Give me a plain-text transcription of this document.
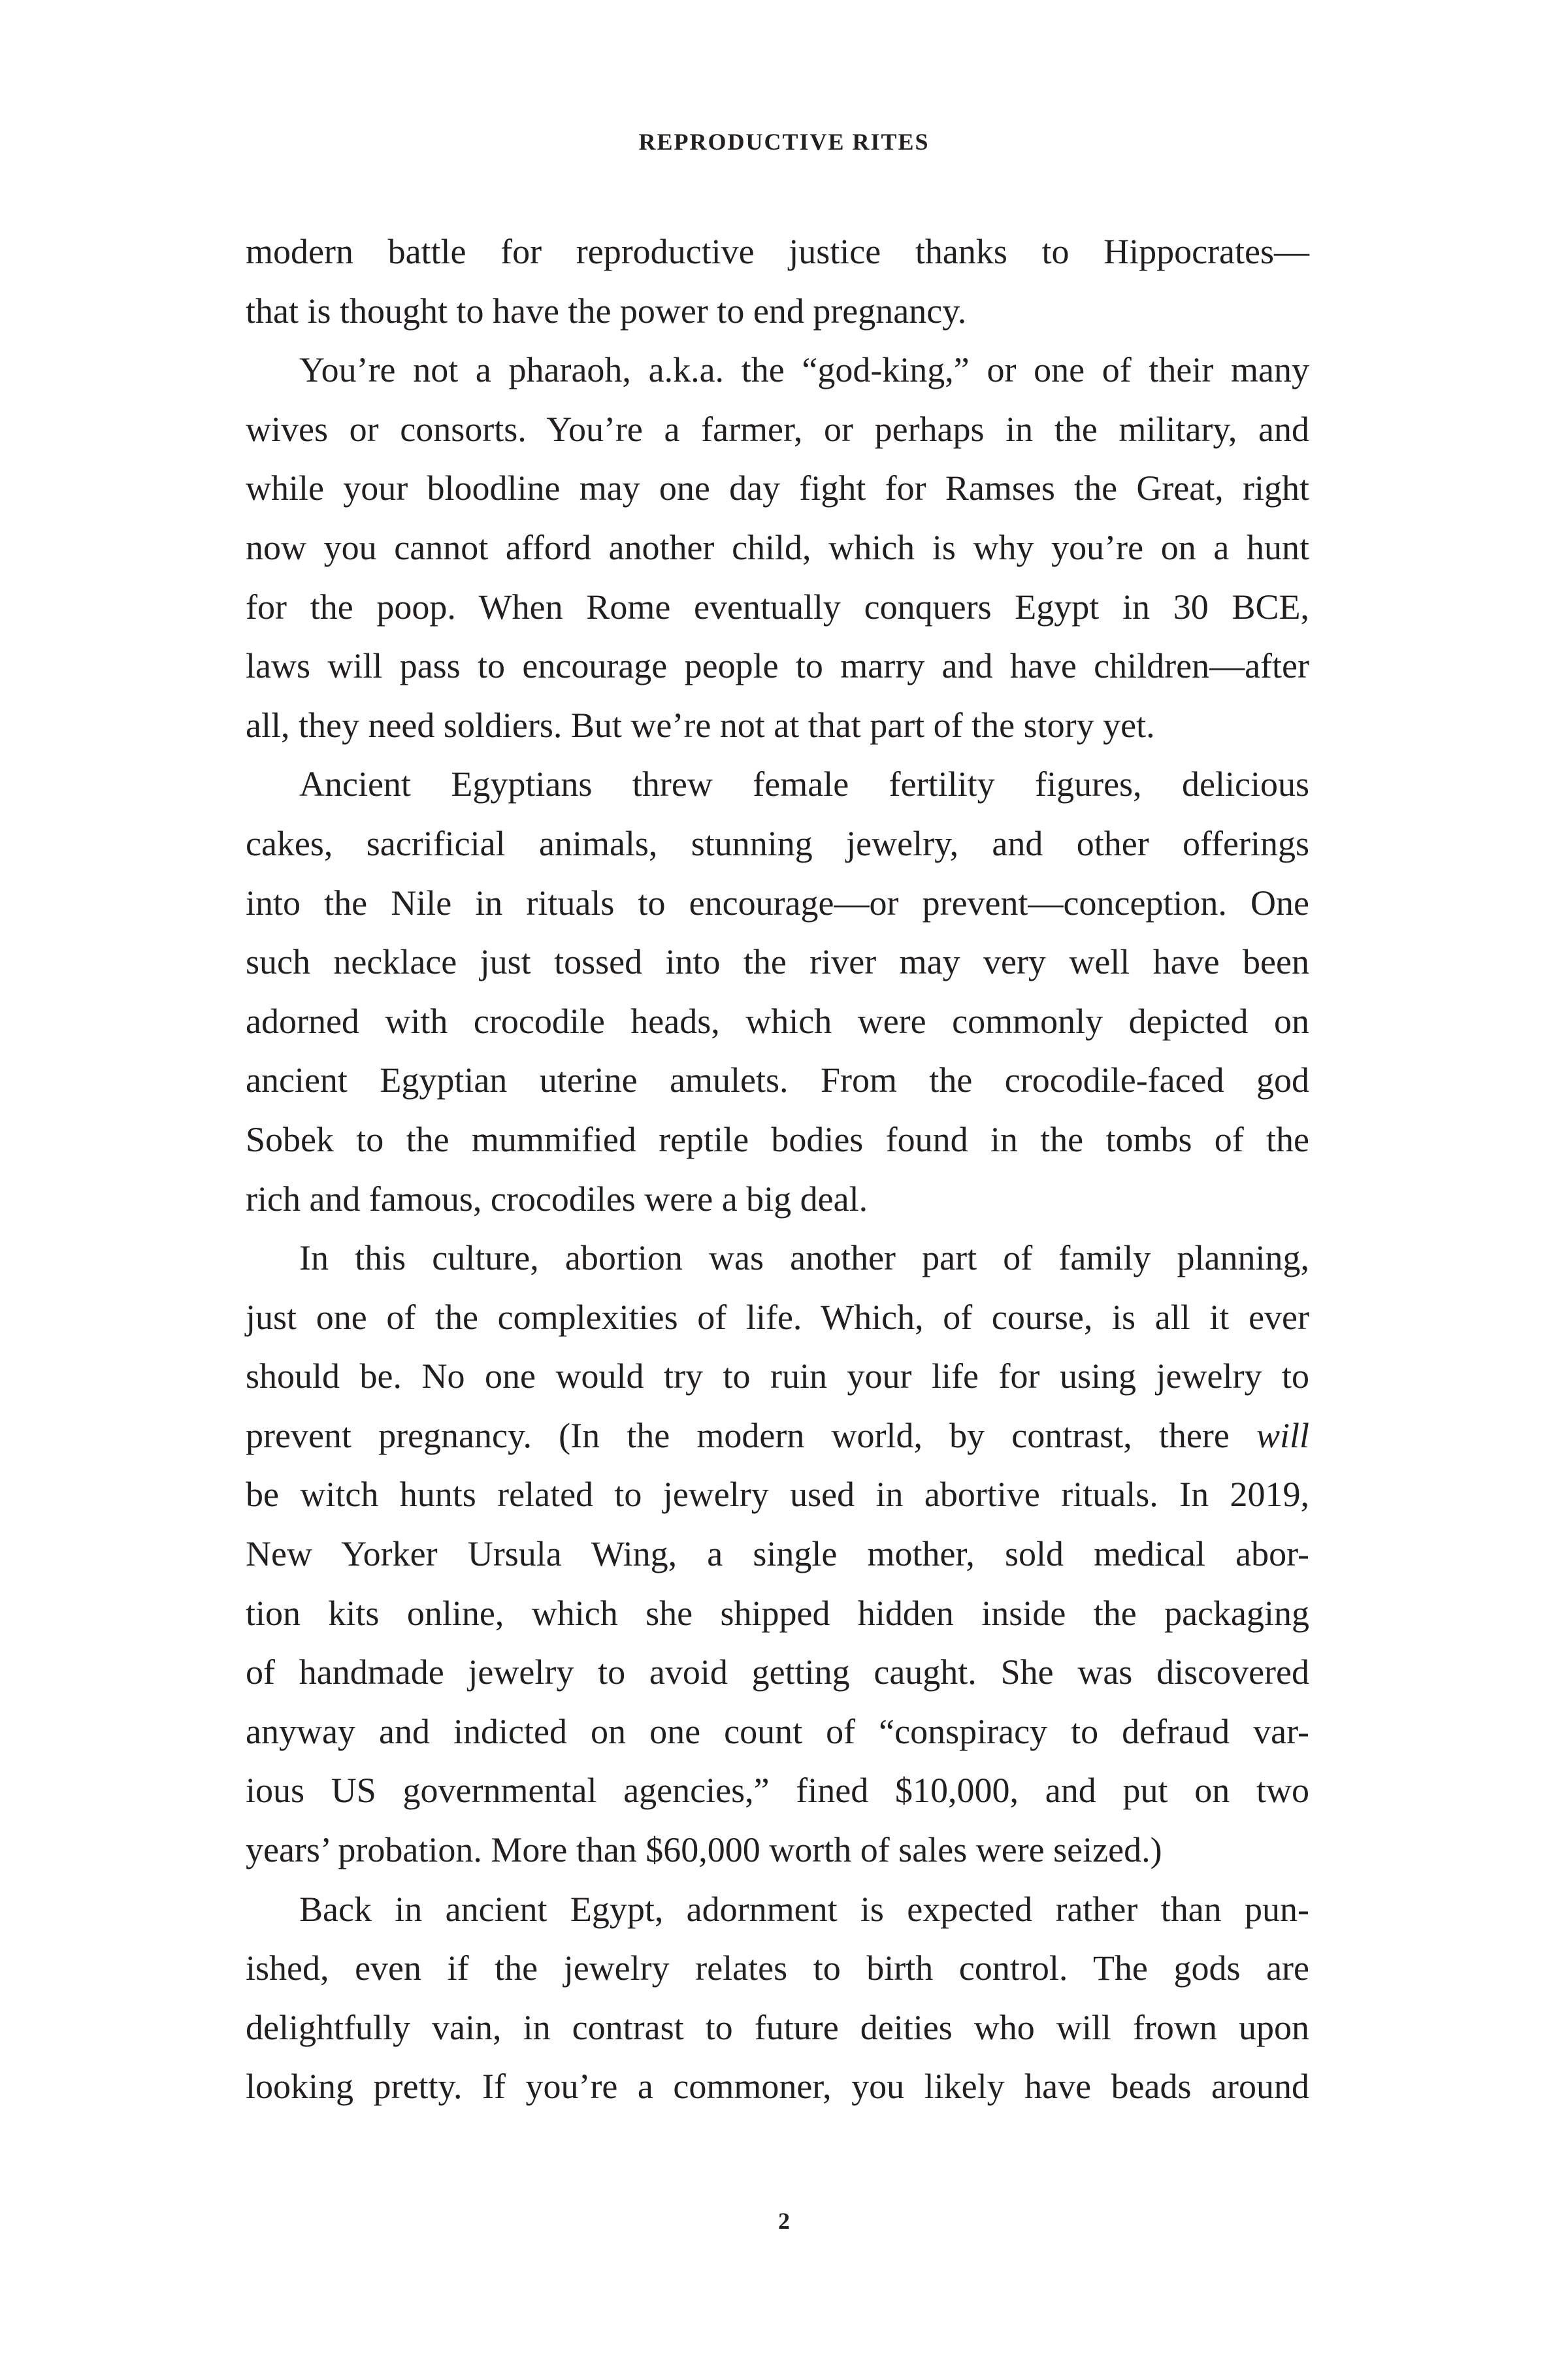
REPRODUCTIVE RITES

modern battle for reproductive justice thanks to Hippocrates—
that is thought to have the power to end pregnancy.
You’re not a pharaoh, a.k.a. the “god-king,” or one of their many
wives or consorts. You’re a farmer, or perhaps in the military, and
while your bloodline may one day fight for Ramses the Great, right
now you cannot afford another child, which is why you’re on a hunt
for the poop. When Rome eventually conquers Egypt in 30 BCE,
laws will pass to encourage people to marry and have children—after
all, they need soldiers. But we’re not at that part of the story yet.
Ancient Egyptians threw female fertility figures, delicious
cakes, sacrificial animals, stunning jewelry, and other offerings
into the Nile in rituals to encourage—or prevent—conception. One
such necklace just tossed into the river may very well have been
adorned with crocodile heads, which were commonly depicted on
ancient Egyptian uterine amulets. From the crocodile-faced god
Sobek to the mummified reptile bodies found in the tombs of the
rich and famous, crocodiles were a big deal.
In this culture, abortion was another part of family planning,
just one of the complexities of life. Which, of course, is all it ever
should be. No one would try to ruin your life for using jewelry to
prevent pregnancy. (In the modern world, by contrast, there will
be witch hunts related to jewelry used in abortive rituals. In 2019,
New Yorker Ursula Wing, a single mother, sold medical abor-
tion kits online, which she shipped hidden inside the packaging
of handmade jewelry to avoid getting caught. She was discovered
anyway and indicted on one count of “conspiracy to defraud var-
ious US governmental agencies,” fined $10,000, and put on two
years’ probation. More than $60,000 worth of sales were seized.)
Back in ancient Egypt, adornment is expected rather than pun-
ished, even if the jewelry relates to birth control. The gods are
delightfully vain, in contrast to future deities who will frown upon
looking pretty. If you’re a commoner, you likely have beads around

2
